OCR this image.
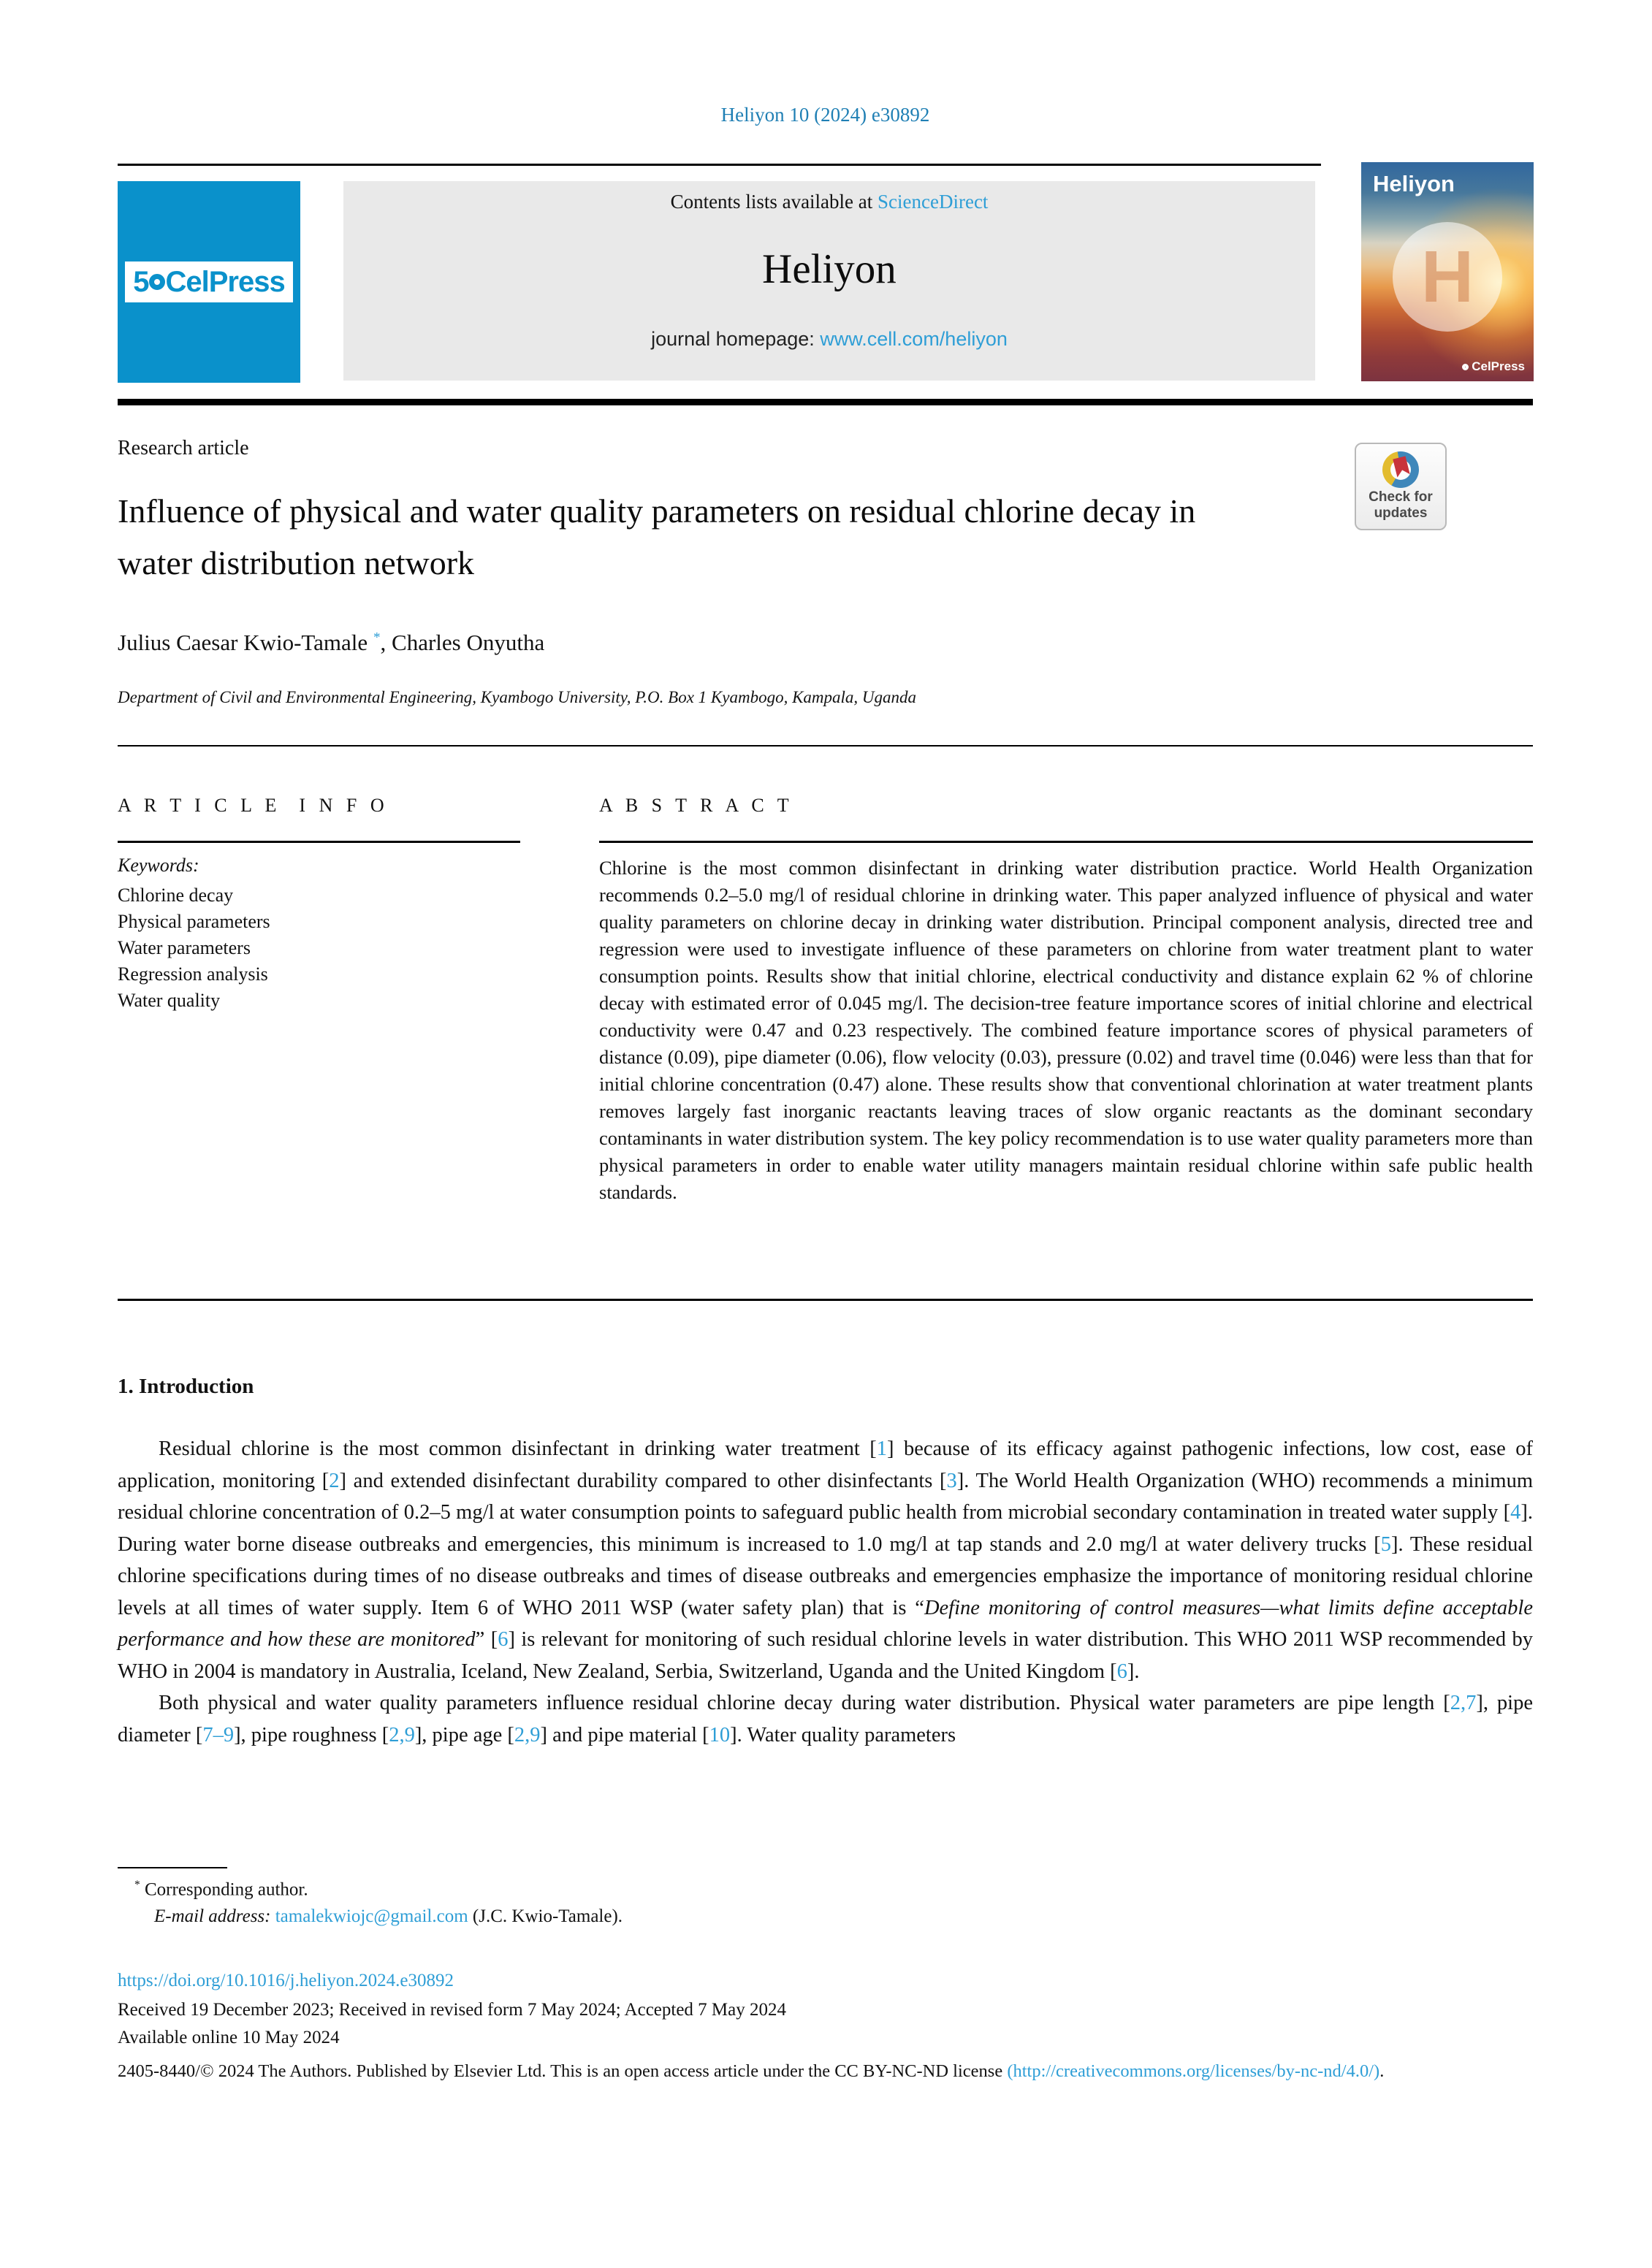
Heliyon 10 (2024) e30892
5 CelPress
Contents lists available at ScienceDirect
Heliyon
journal homepage: www.cell.com/heliyon
Heliyon
H
CelPress
Research article
Check for
updates
Influence of physical and water quality parameters on residual chlorine decay in water distribution network
Julius Caesar Kwio-Tamale *, Charles Onyutha
Department of Civil and Environmental Engineering, Kyambogo University, P.O. Box 1 Kyambogo, Kampala, Uganda
A R T I C L E  I N F O	A B S T R A C T
Keywords:
Chlorine decay
Physical parameters
Water parameters
Regression analysis
Water quality
Chlorine is the most common disinfectant in drinking water distribution practice. World Health Organization recommends 0.2–5.0 mg/l of residual chlorine in drinking water. This paper analyzed influence of physical and water quality parameters on chlorine decay in drinking water distribution. Principal component analysis, directed tree and regression were used to investigate influence of these parameters on chlorine from water treatment plant to water consumption points. Results show that initial chlorine, electrical conductivity and distance explain 62 % of chlorine decay with estimated error of 0.045 mg/l. The decision-tree feature importance scores of initial chlorine and electrical conductivity were 0.47 and 0.23 respectively. The combined feature importance scores of physical parameters of distance (0.09), pipe diameter (0.06), flow velocity (0.03), pressure (0.02) and travel time (0.046) were less than that for initial chlorine concentration (0.47) alone. These results show that conventional chlorination at water treatment plants removes largely fast inorganic reactants leaving traces of slow organic reactants as the dominant secondary contaminants in water distribution system. The key policy recommendation is to use water quality parameters more than physical parameters in order to enable water utility managers maintain residual chlorine within safe public health standards.
1. Introduction

Residual chlorine is the most common disinfectant in drinking water treatment [1] because of its efficacy against pathogenic infections, low cost, ease of application, monitoring [2] and extended disinfectant durability compared to other disinfectants [3]. The World Health Organization (WHO) recommends a minimum residual chlorine concentration of 0.2–5 mg/l at water consumption points to safeguard public health from microbial secondary contamination in treated water supply [4]. During water borne disease outbreaks and emergencies, this minimum is increased to 1.0 mg/l at tap stands and 2.0 mg/l at water delivery trucks [5]. These residual chlorine specifications during times of no disease outbreaks and times of disease outbreaks and emergencies emphasize the importance of monitoring residual chlorine levels at all times of water supply. Item 6 of WHO 2011 WSP (water safety plan) that is “Define monitoring of control measures—what limits define acceptable performance and how these are monitored” [6] is relevant for monitoring of such residual chlorine levels in water distribution. This WHO 2011 WSP recommended by WHO in 2004 is mandatory in Australia, Iceland, New Zealand, Serbia, Switzerland, Uganda and the United Kingdom [6].

Both physical and water quality parameters influence residual chlorine decay during water distribution. Physical water parameters are pipe length [2,7], pipe diameter [7–9], pipe roughness [2,9], pipe age [2,9] and pipe material [10]. Water quality parameters

* Corresponding author.
E-mail address: tamalekwiojc@gmail.com (J.C. Kwio-Tamale).
https://doi.org/10.1016/j.heliyon.2024.e30892
Received 19 December 2023; Received in revised form 7 May 2024; Accepted 7 May 2024
Available online 10 May 2024
2405-8440/© 2024 The Authors. Published by Elsevier Ltd. This is an open access article under the CC BY-NC-ND license (http://creativecommons.org/licenses/by-nc-nd/4.0/).
